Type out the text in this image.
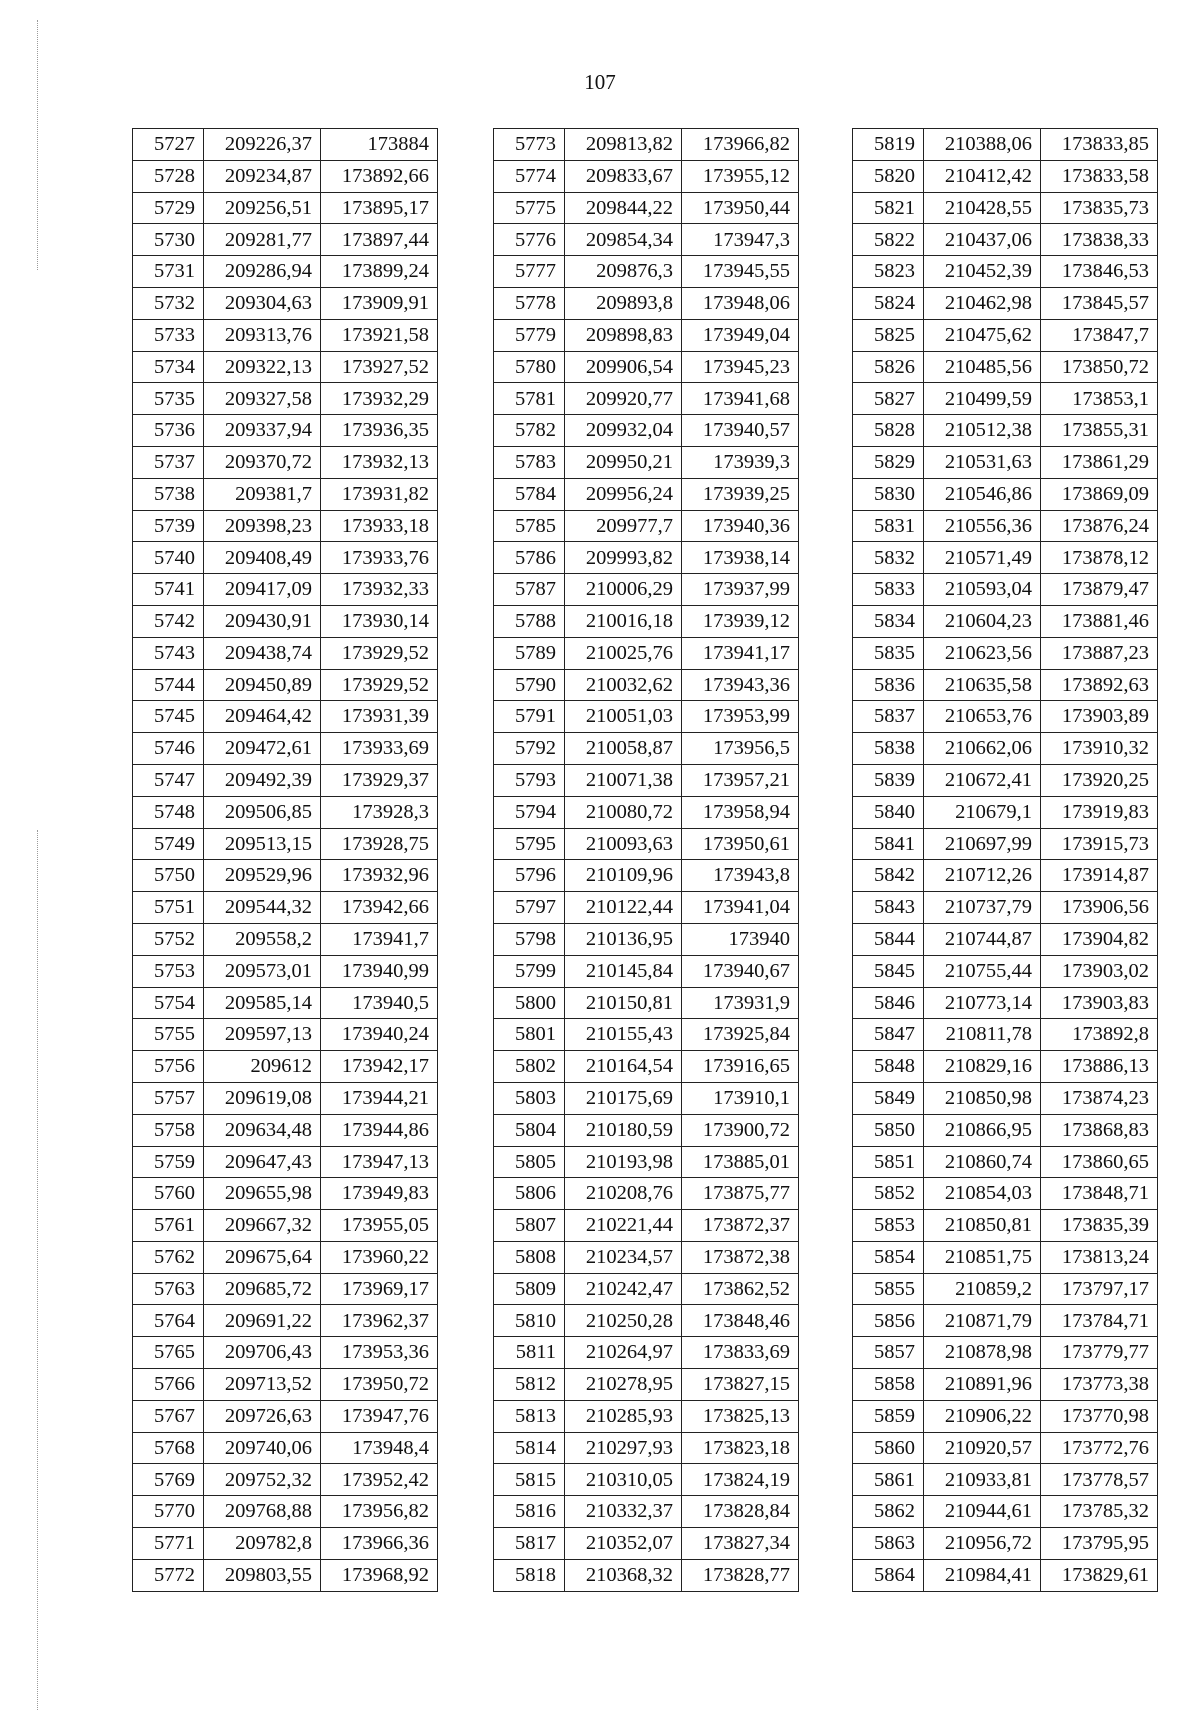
107
5727	209226,37	173884
5728	209234,87	173892,66
5729	209256,51	173895,17
5730	209281,77	173897,44
5731	209286,94	173899,24
5732	209304,63	173909,91
5733	209313,76	173921,58
5734	209322,13	173927,52
5735	209327,58	173932,29
5736	209337,94	173936,35
5737	209370,72	173932,13
5738	209381,7	173931,82
5739	209398,23	173933,18
5740	209408,49	173933,76
5741	209417,09	173932,33
5742	209430,91	173930,14
5743	209438,74	173929,52
5744	209450,89	173929,52
5745	209464,42	173931,39
5746	209472,61	173933,69
5747	209492,39	173929,37
5748	209506,85	173928,3
5749	209513,15	173928,75
5750	209529,96	173932,96
5751	209544,32	173942,66
5752	209558,2	173941,7
5753	209573,01	173940,99
5754	209585,14	173940,5
5755	209597,13	173940,24
5756	209612	173942,17
5757	209619,08	173944,21
5758	209634,48	173944,86
5759	209647,43	173947,13
5760	209655,98	173949,83
5761	209667,32	173955,05
5762	209675,64	173960,22
5763	209685,72	173969,17
5764	209691,22	173962,37
5765	209706,43	173953,36
5766	209713,52	173950,72
5767	209726,63	173947,76
5768	209740,06	173948,4
5769	209752,32	173952,42
5770	209768,88	173956,82
5771	209782,8	173966,36
5772	209803,55	173968,92
5773	209813,82	173966,82
5774	209833,67	173955,12
5775	209844,22	173950,44
5776	209854,34	173947,3
5777	209876,3	173945,55
5778	209893,8	173948,06
5779	209898,83	173949,04
5780	209906,54	173945,23
5781	209920,77	173941,68
5782	209932,04	173940,57
5783	209950,21	173939,3
5784	209956,24	173939,25
5785	209977,7	173940,36
5786	209993,82	173938,14
5787	210006,29	173937,99
5788	210016,18	173939,12
5789	210025,76	173941,17
5790	210032,62	173943,36
5791	210051,03	173953,99
5792	210058,87	173956,5
5793	210071,38	173957,21
5794	210080,72	173958,94
5795	210093,63	173950,61
5796	210109,96	173943,8
5797	210122,44	173941,04
5798	210136,95	173940
5799	210145,84	173940,67
5800	210150,81	173931,9
5801	210155,43	173925,84
5802	210164,54	173916,65
5803	210175,69	173910,1
5804	210180,59	173900,72
5805	210193,98	173885,01
5806	210208,76	173875,77
5807	210221,44	173872,37
5808	210234,57	173872,38
5809	210242,47	173862,52
5810	210250,28	173848,46
5811	210264,97	173833,69
5812	210278,95	173827,15
5813	210285,93	173825,13
5814	210297,93	173823,18
5815	210310,05	173824,19
5816	210332,37	173828,84
5817	210352,07	173827,34
5818	210368,32	173828,77
5819	210388,06	173833,85
5820	210412,42	173833,58
5821	210428,55	173835,73
5822	210437,06	173838,33
5823	210452,39	173846,53
5824	210462,98	173845,57
5825	210475,62	173847,7
5826	210485,56	173850,72
5827	210499,59	173853,1
5828	210512,38	173855,31
5829	210531,63	173861,29
5830	210546,86	173869,09
5831	210556,36	173876,24
5832	210571,49	173878,12
5833	210593,04	173879,47
5834	210604,23	173881,46
5835	210623,56	173887,23
5836	210635,58	173892,63
5837	210653,76	173903,89
5838	210662,06	173910,32
5839	210672,41	173920,25
5840	210679,1	173919,83
5841	210697,99	173915,73
5842	210712,26	173914,87
5843	210737,79	173906,56
5844	210744,87	173904,82
5845	210755,44	173903,02
5846	210773,14	173903,83
5847	210811,78	173892,8
5848	210829,16	173886,13
5849	210850,98	173874,23
5850	210866,95	173868,83
5851	210860,74	173860,65
5852	210854,03	173848,71
5853	210850,81	173835,39
5854	210851,75	173813,24
5855	210859,2	173797,17
5856	210871,79	173784,71
5857	210878,98	173779,77
5858	210891,96	173773,38
5859	210906,22	173770,98
5860	210920,57	173772,76
5861	210933,81	173778,57
5862	210944,61	173785,32
5863	210956,72	173795,95
5864	210984,41	173829,61
